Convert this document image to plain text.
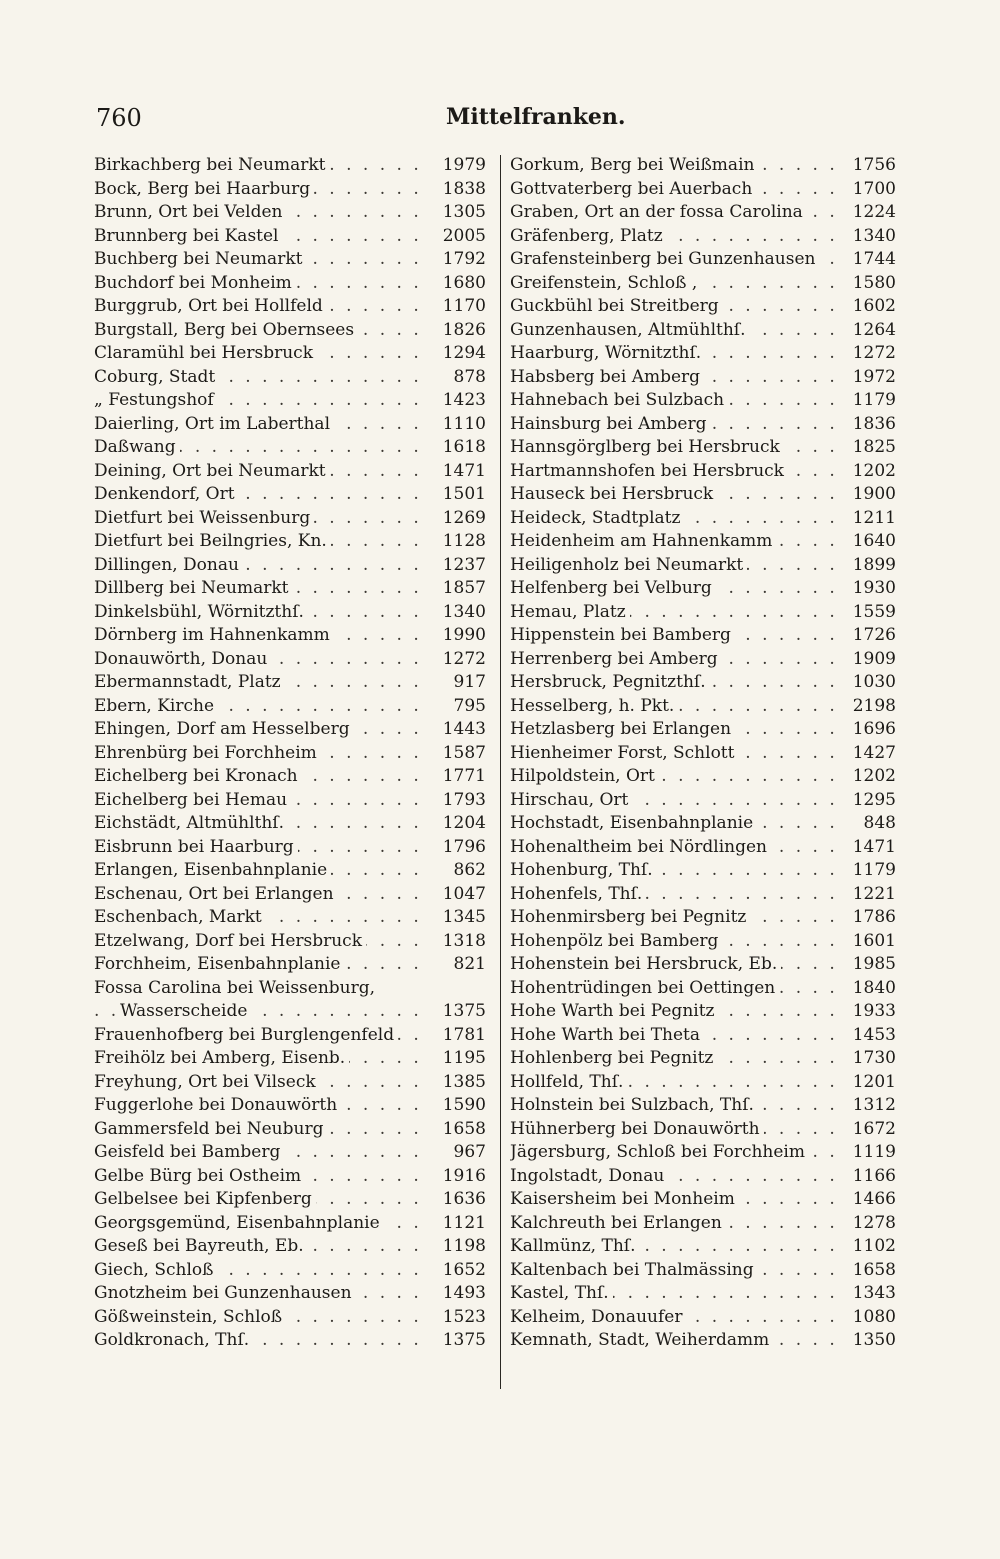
760	Mittelfranken.
Birkachberg bei Neumarkt . . .	1979
Bock, Berg bei Haarburg . . .	1838
Brunn, Ort bei Velden . . .	1305
Brunnberg bei Kastel . . .	2005
Buchberg bei Neumarkt . . .	1792
Buchdorf bei Monheim . . .	1680
Burggrub, Ort bei Hollfeld . . .	1170
Burgstall, Berg bei Obernsees . . .	1826
Claramühl bei Hersbruck . . .	1294
Coburg, Stadt . . .	878
„ Festungshof . . .	1423
Daierling, Ort im Laberthal . . .	1110
Daßwang . . .	1618
Deining, Ort bei Neumarkt . . .	1471
Denkendorf, Ort . . .	1501
Dietfurt bei Weissenburg . . .	1269
Dietfurt bei Beilngries, Kn. . . .	1128
Dillingen, Donau . . .	1237
Dillberg bei Neumarkt . . .	1857
Dinkelsbühl, Wörnitzthſ. . . .	1340
Dörnberg im Hahnenkamm . . .	1990
Donauwörth, Donau . . .	1272
Ebermannstadt, Platz . . .	917
Ebern, Kirche . . .	795
Ehingen, Dorf am Hesselberg . . .	1443
Ehrenbürg bei Forchheim . . .	1587
Eichelberg bei Kronach . . .	1771
Eichelberg bei Hemau . . .	1793
Eichstädt, Altmühlthſ. . . .	1204
Eisbrunn bei Haarburg . . .	1796
Erlangen, Eisenbahnplanie . . .	862
Eschenau, Ort bei Erlangen . . .	1047
Eschenbach, Markt . . .	1345
Etzelwang, Dorf bei Hersbruck . . .	1318
Forchheim, Eisenbahnplanie . . .	821
Fossa Carolina bei Weissenburg,
Wasserscheide . . .	1375
Frauenhofberg bei Burglengenfeld . . .	1781
Freihölz bei Amberg, Eisenb. . . .	1195
Freyhung, Ort bei Vilseck . . .	1385
Fuggerlohe bei Donauwörth . . .	1590
Gammersfeld bei Neuburg . . .	1658
Geisfeld bei Bamberg . . .	967
Gelbe Bürg bei Ostheim . . .	1916
Gelbelsee bei Kipfenberg . . .	1636
Georgsgemünd, Eisenbahnplanie . . .	1121
Gesеß bei Bayreuth, Eb. . . .	1198
Giech, Schloß . . .	1652
Gnotzheim bei Gunzenhausen . . .	1493
Gößweinstein, Schloß . . .	1523
Goldkronach, Thſ. . . .	1375
Gorkum, Berg bei Weißmain . . .	1756
Gottvaterberg bei Auerbach . . .	1700
Graben, Ort an der fossa Carolina . . .	1224
Gräfenberg, Platz . . .	1340
Grafensteinberg bei Gunzenhausen . . .	1744
Greifenstein, Schloß , . . .	1580
Guckbühl bei Streitberg . . .	1602
Gunzenhausen, Altmühlthſ. . . .	1264
Haarburg, Wörnitzthſ. . . .	1272
Habsberg bei Amberg . . .	1972
Hahnebach bei Sulzbach . . .	1179
Hainsburg bei Amberg . . .	1836
Hannsgörglberg bei Hersbruck . . .	1825
Hartmannshofen bei Hersbruck . . .	1202
Hauseck bei Hersbruck . . .	1900
Heideck, Stadtplatz . . .	1211
Heidenheim am Hahnenkamm . . .	1640
Heiligenholz bei Neumarkt . . .	1899
Helfenberg bei Velburg . . .	1930
Hemau, Platz . . .	1559
Hippenstein bei Bamberg . . .	1726
Herrenberg bei Amberg . . .	1909
Hersbruck, Pegnitzthſ. . . .	1030
Hesselberg, h. Pkt. . . .	2198
Hetzlasberg bei Erlangen . . .	1696
Hienheimer Forst, Schlott . . .	1427
Hilpoldstein, Ort . . .	1202
Hirschau, Ort . . .	1295
Hochstadt, Eisenbahnplanie . . .	848
Hohenaltheim bei Nördlingen . . .	1471
Hohenburg, Thſ. . . .	1179
Hohenfels, Thſ. . . .	1221
Hohenmirsberg bei Pegnitz . . .	1786
Hohenpölz bei Bamberg . . .	1601
Hohenstein bei Hersbruck, Eb. . . .	1985
Hohentrüdingen bei Oettingen . . .	1840
Hohe Warth bei Pegnitz . . .	1933
Hohe Warth bei Theta . . .	1453
Hohlenberg bei Pegnitz . . .	1730
Hollfeld, Thſ. . . .	1201
Holnstein bei Sulzbach, Thſ. . . .	1312
Hühnerberg bei Donauwörth . . .	1672
Jägersburg, Schloß bei Forchheim . . .	1119
Ingolstadt, Donau . . .	1166
Kaisersheim bei Monheim . . .	1466
Kalchreuth bei Erlangen . . .	1278
Kallmünz, Thſ. . . .	1102
Kaltenbach bei Thalmässing . . .	1658
Kastel, Thſ. . . .	1343
Kelheim, Donauufer . . .	1080
Kemnath, Stadt, Weiherdamm . . .	1350
